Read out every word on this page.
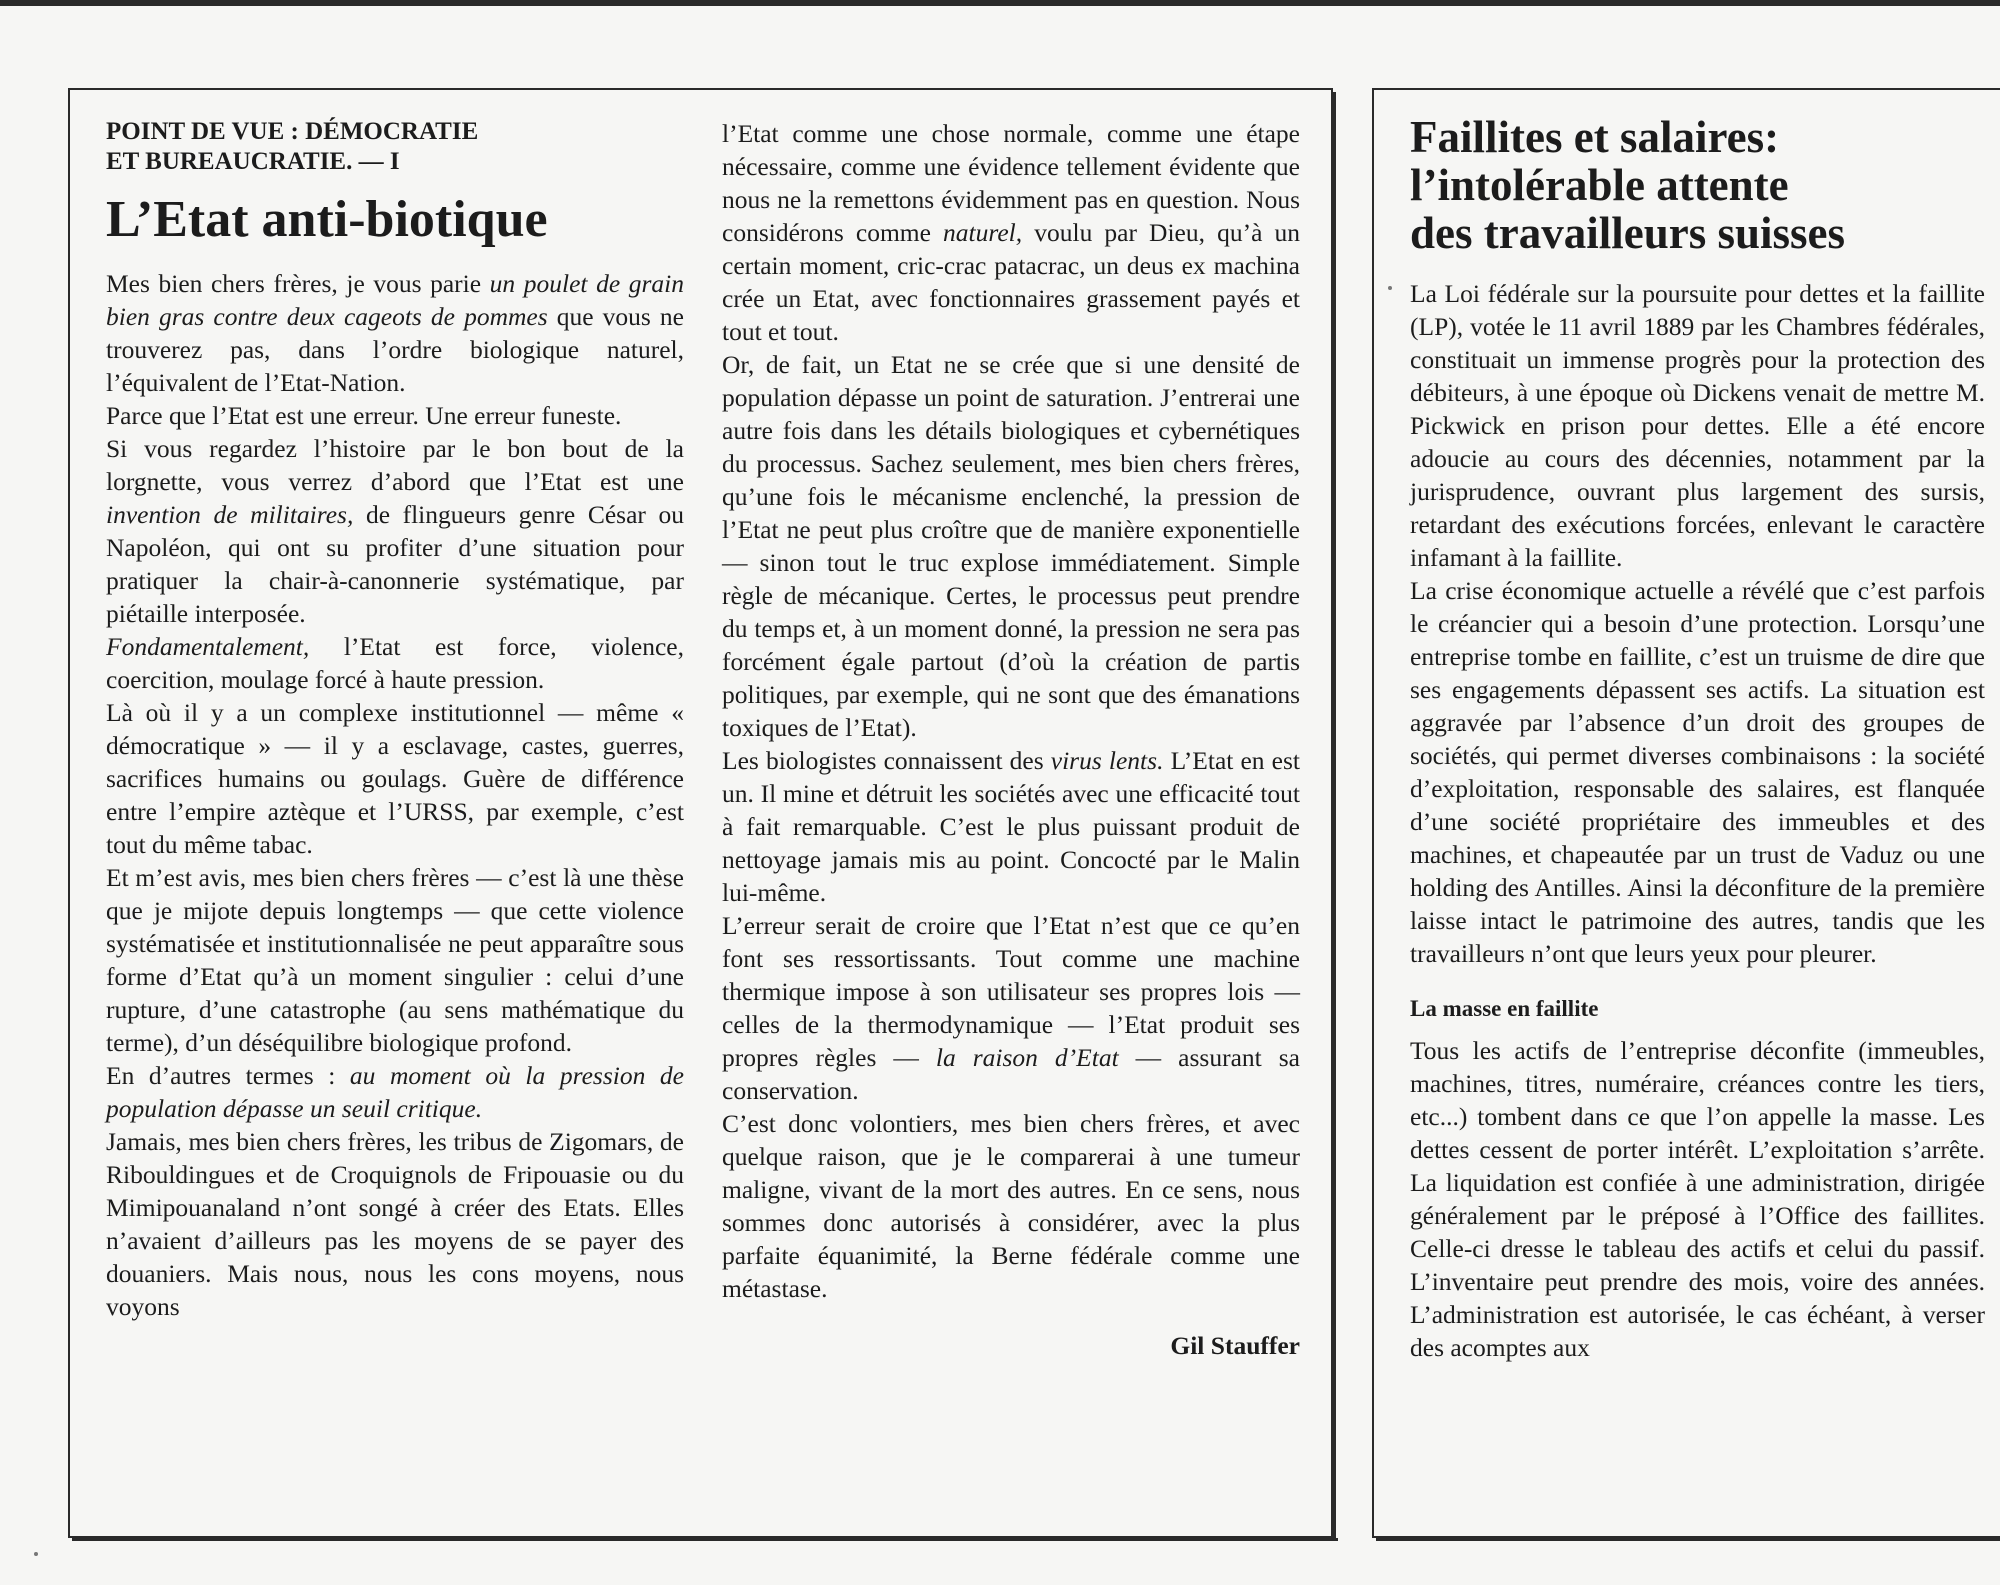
POINT DE VUE : DÉMOCRATIE
ET BUREAUCRATIE. — I
L’Etat anti-biotique

Mes bien chers frères, je vous parie un poulet de grain bien gras contre deux cageots de pommes que vous ne trouverez pas, dans l’ordre biologique naturel, l’équivalent de l’Etat-Nation.

Parce que l’Etat est une erreur. Une erreur funeste.

Si vous regardez l’histoire par le bon bout de la lorgnette, vous verrez d’abord que l’Etat est une invention de militaires, de flingueurs genre César ou Napoléon, qui ont su profiter d’une situation pour pratiquer la chair-à-canonnerie systématique, par piétaille interposée.

Fondamentalement, l’Etat est force, violence, coercition, moulage forcé à haute pression.

Là où il y a un complexe institutionnel — même « démocratique » — il y a esclavage, castes, guerres, sacrifices humains ou goulags. Guère de différence entre l’empire aztèque et l’URSS, par exemple, c’est tout du même tabac.

Et m’est avis, mes bien chers frères — c’est là une thèse que je mijote depuis longtemps — que cette violence systématisée et institutionnalisée ne peut apparaître sous forme d’Etat qu’à un moment singulier : celui d’une rupture, d’une catastrophe (au sens mathématique du terme), d’un déséquilibre biologique profond.

En d’autres termes : au moment où la pression de population dépasse un seuil critique.

Jamais, mes bien chers frères, les tribus de Zigomars, de Ribouldingues et de Croquignols de Fripouasie ou du Mimipouanaland n’ont songé à créer des Etats. Elles n’avaient d’ailleurs pas les moyens de se payer des douaniers. Mais nous, nous les cons moyens, nous voyons

l’Etat comme une chose normale, comme une étape nécessaire, comme une évidence tellement évidente que nous ne la remettons évidemment pas en question. Nous considérons comme naturel, voulu par Dieu, qu’à un certain moment, cric-crac patacrac, un deus ex machina crée un Etat, avec fonctionnaires grassement payés et tout et tout.

Or, de fait, un Etat ne se crée que si une densité de population dépasse un point de saturation. J’entrerai une autre fois dans les détails biologiques et cybernétiques du processus. Sachez seulement, mes bien chers frères, qu’une fois le mécanisme enclenché, la pression de l’Etat ne peut plus croître que de manière exponentielle — sinon tout le truc explose immédiatement. Simple règle de mécanique. Certes, le processus peut prendre du temps et, à un moment donné, la pression ne sera pas forcément égale partout (d’où la création de partis politiques, par exemple, qui ne sont que des émanations toxiques de l’Etat).

Les biologistes connaissent des virus lents. L’Etat en est un. Il mine et détruit les sociétés avec une efficacité tout à fait remarquable. C’est le plus puissant produit de nettoyage jamais mis au point. Concocté par le Malin lui-même.

L’erreur serait de croire que l’Etat n’est que ce qu’en font ses ressortissants. Tout comme une machine thermique impose à son utilisateur ses propres lois — celles de la thermodynamique — l’Etat produit ses propres règles — la raison d’Etat — assurant sa conservation.

C’est donc volontiers, mes bien chers frères, et avec quelque raison, que je le comparerai à une tumeur maligne, vivant de la mort des autres. En ce sens, nous sommes donc autorisés à considérer, avec la plus parfaite équanimité, la Berne fédérale comme une métastase.

Gil Stauffer

Faillites et salaires:
l’intolérable attente
des travailleurs suisses

La Loi fédérale sur la poursuite pour dettes et la faillite (LP), votée le 11 avril 1889 par les Chambres fédérales, constituait un immense progrès pour la protection des débiteurs, à une époque où Dickens venait de mettre M. Pickwick en prison pour dettes. Elle a été encore adoucie au cours des décennies, notamment par la jurisprudence, ouvrant plus largement des sursis, retardant des exécutions forcées, enlevant le caractère infamant à la faillite.

La crise économique actuelle a révélé que c’est parfois le créancier qui a besoin d’une protection. Lorsqu’une entreprise tombe en faillite, c’est un truisme de dire que ses engagements dépassent ses actifs. La situation est aggravée par l’absence d’un droit des groupes de sociétés, qui permet diverses combinaisons : la société d’exploitation, responsable des salaires, est flanquée d’une société propriétaire des immeubles et des machines, et chapeautée par un trust de Vaduz ou une holding des Antilles. Ainsi la déconfiture de la première laisse intact le patrimoine des autres, tandis que les travailleurs n’ont que leurs yeux pour pleurer.

La masse en faillite

Tous les actifs de l’entreprise déconfite (immeubles, machines, titres, numéraire, créances contre les tiers, etc...) tombent dans ce que l’on appelle la masse. Les dettes cessent de porter intérêt. L’exploitation s’arrête. La liquidation est confiée à une administration, dirigée généralement par le préposé à l’Office des faillites. Celle-ci dresse le tableau des actifs et celui du passif. L’inventaire peut prendre des mois, voire des années. L’administration est autorisée, le cas échéant, à verser des acomptes aux
